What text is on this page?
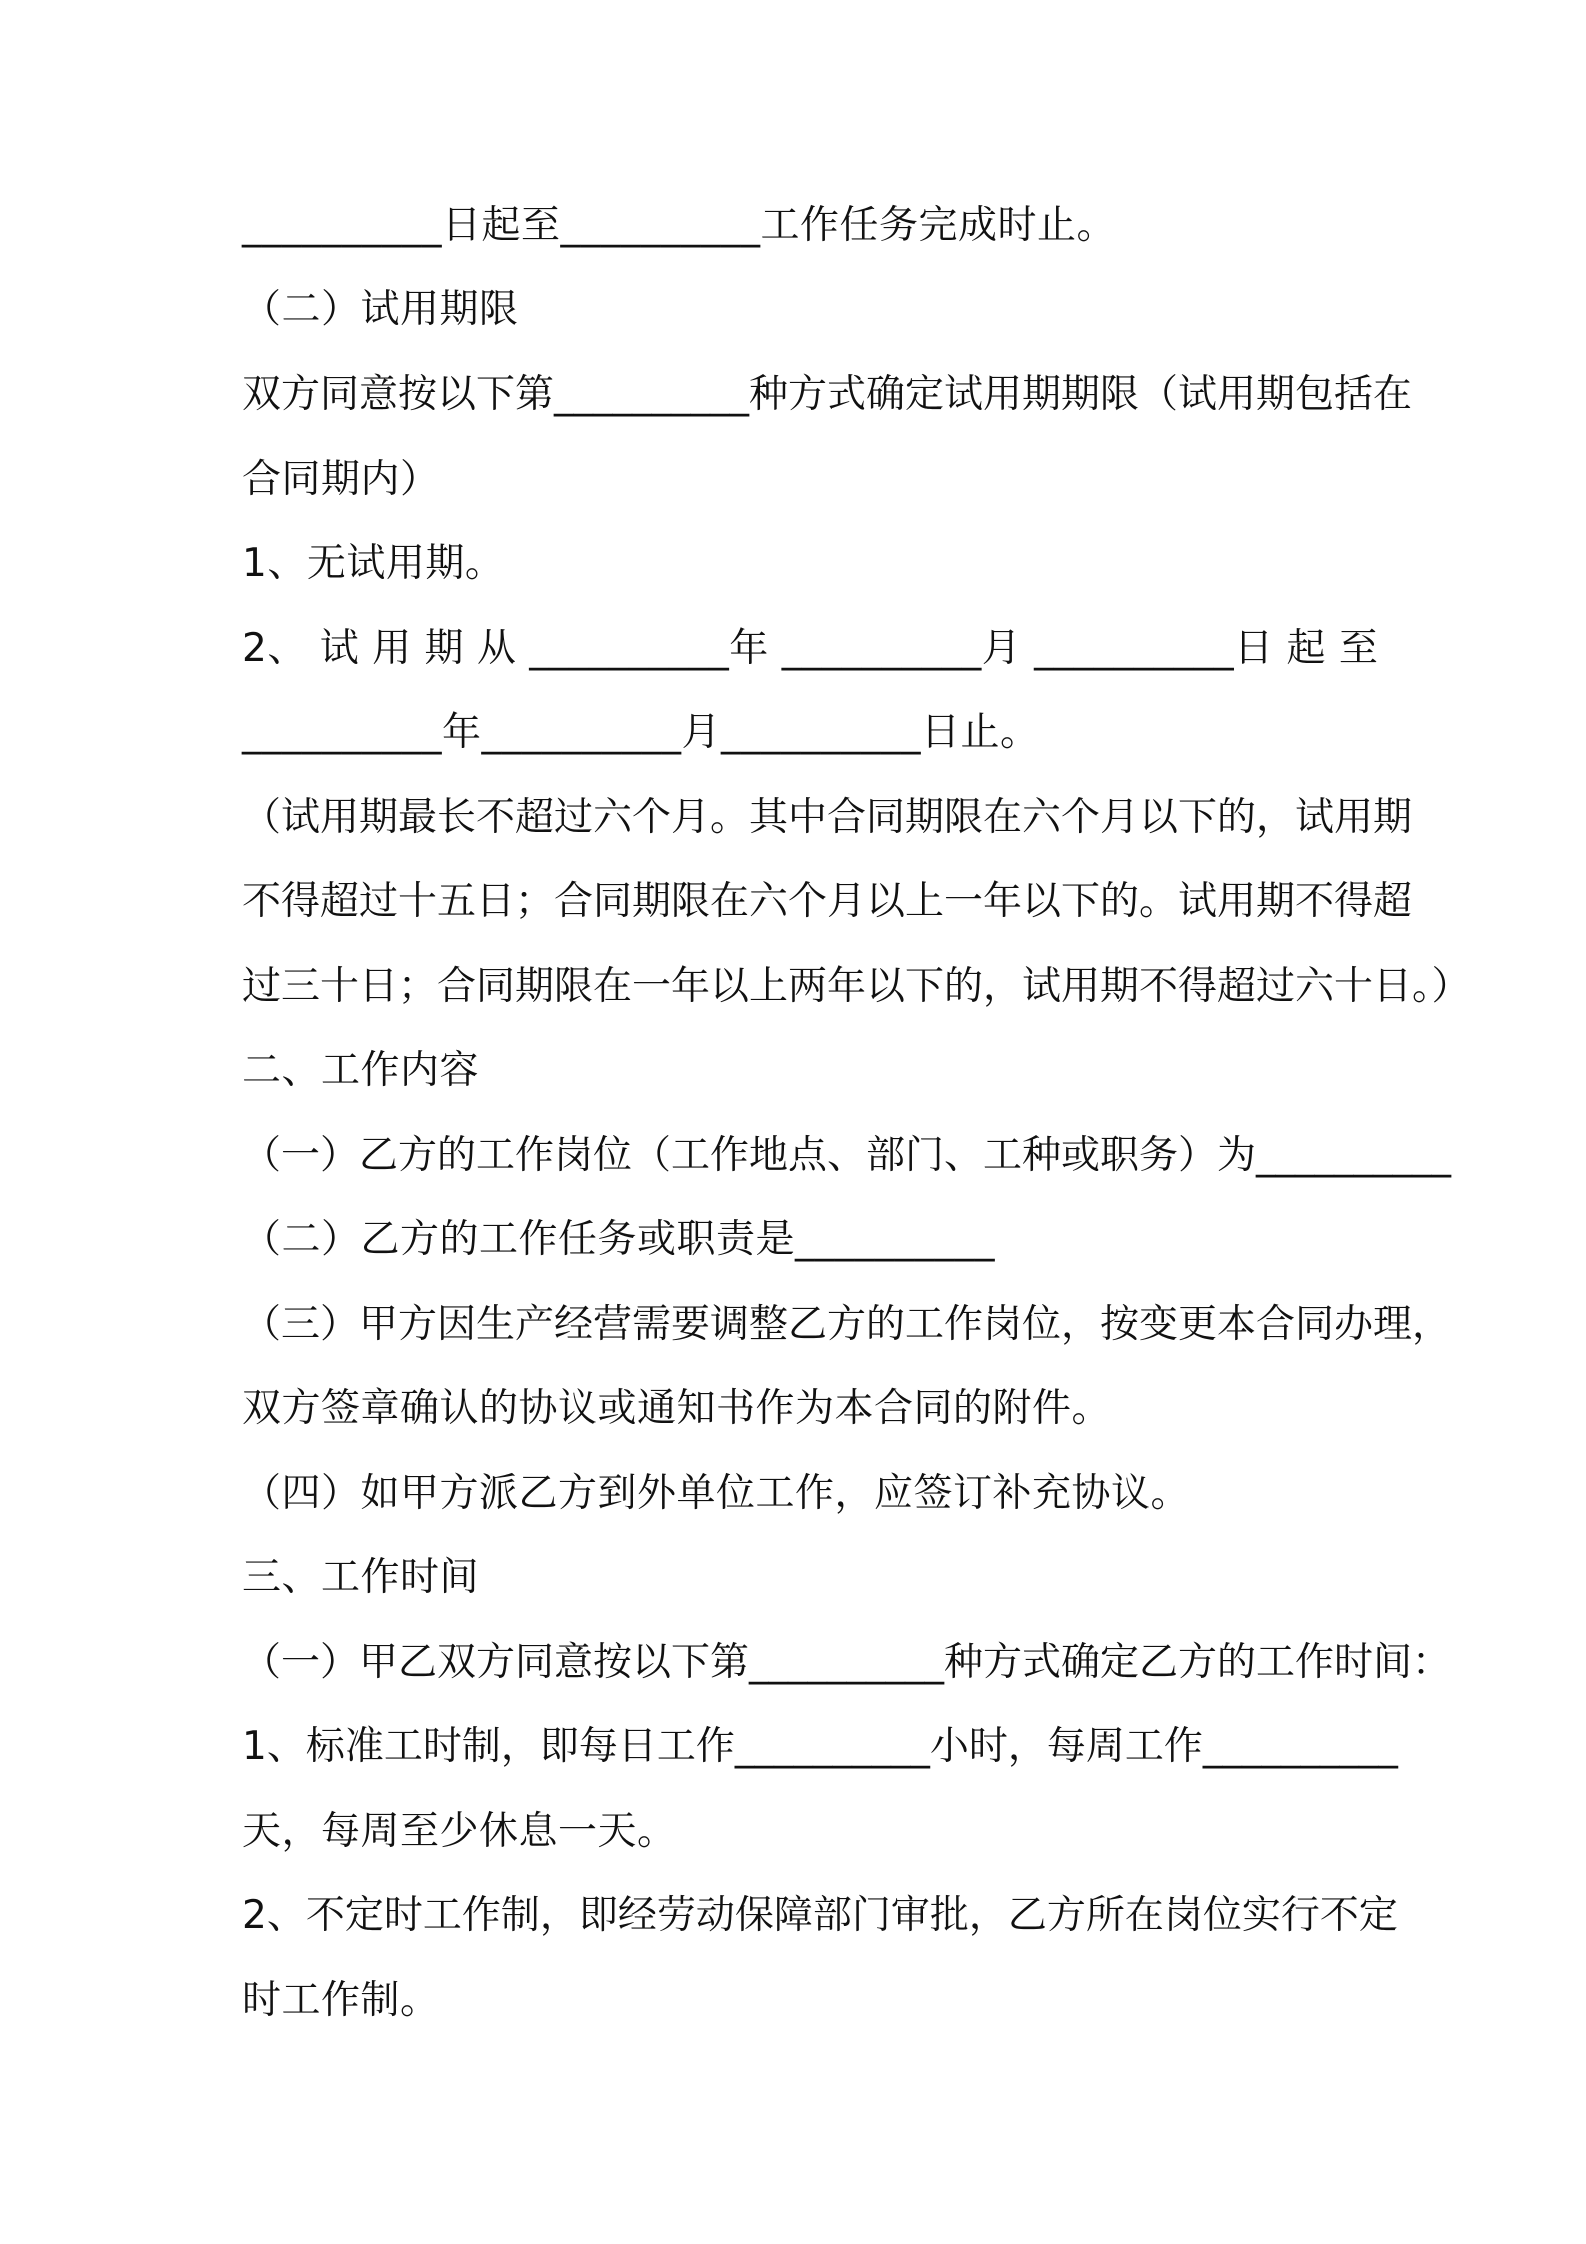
__________日起至__________工作任务完成时止。
（二）试用期限
双方同意按以下第__________种方式确定试用期期限（试用期包括在
合同期内）
1、无试用期。
2、 试 用 期 从 __________年 __________月 __________日 起 至
__________年__________月__________日止。
（试用期最长不超过六个月。其中合同期限在六个月以下的，试用期
不得超过十五日；合同期限在六个月以上一年以下的。试用期不得超
过三十日；合同期限在一年以上两年以下的，试用期不得超过六十日。）
二、工作内容
（一）乙方的工作岗位（工作地点、部门、工种或职务）为__________
（二）乙方的工作任务或职责是__________
（三）甲方因生产经营需要调整乙方的工作岗位，按变更本合同办理，
双方签章确认的协议或通知书作为本合同的附件。
（四）如甲方派乙方到外单位工作，应签订补充协议。
三、工作时间
（一）甲乙双方同意按以下第__________种方式确定乙方的工作时间：
1、标准工时制，即每日工作__________小时，每周工作__________
天，每周至少休息一天。
2、不定时工作制，即经劳动保障部门审批，乙方所在岗位实行不定
时工作制。
